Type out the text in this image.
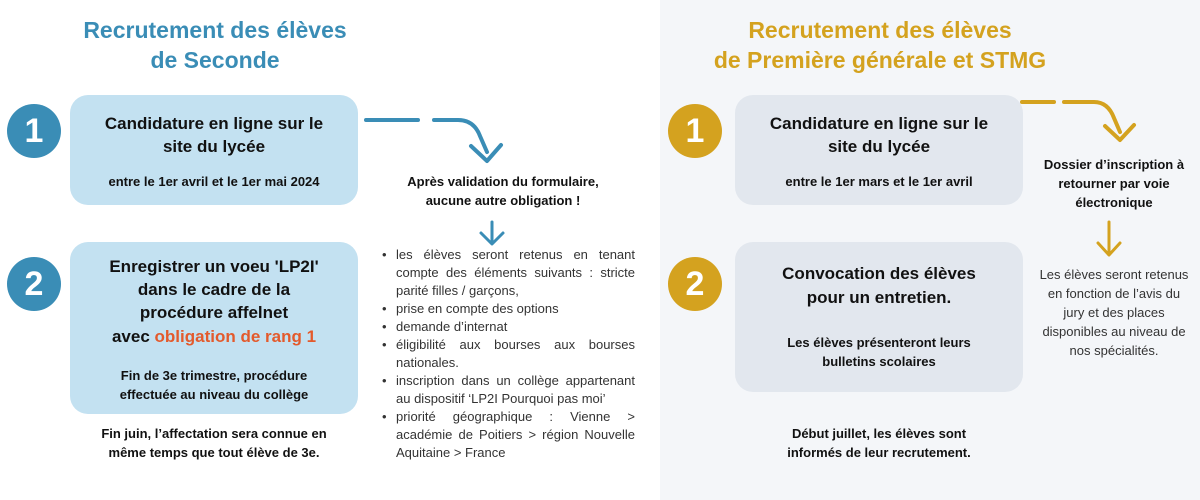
Recrutement des élèves
de Seconde
1	Candidature en ligne sur le
site du lycée
entre le 1er avril et le 1er mai 2024	Après validation du formulaire,
aucune autre obligation !
2	Enregistrer un voeu 'LP2I'
dans le cadre de la
procédure affelnet
avec obligation de rang 1
Fin de 3e trimestre, procédure
effectuée au niveau du collège
Fin juin, l’affectation sera connue en
même temps que tout élève de 3e.
• les élèves seront retenus en tenant compte des éléments suivants : stricte parité filles / garçons,
• prise en compte des options
• demande d’internat
• éligibilité aux bourses aux bourses nationales.
• inscription dans un collège appartenant au dispositif ‘LP2I Pourquoi pas moi’
• priorité géographique : Vienne > académie de Poitiers > région Nouvelle Aquitaine > France
Recrutement des élèves
de Première générale et STMG
1	Candidature en ligne sur le
site du lycée
entre le 1er mars et le 1er avril
Dossier d’inscription à
retourner par voie
électronique
Les élèves seront retenus
en fonction de l’avis du
jury et des places
disponibles au niveau de
nos spécialités.
2	Convocation des élèves
pour un entretien.
Les élèves présenteront leurs
bulletins scolaires
Début juillet, les élèves sont
informés de leur recrutement.
